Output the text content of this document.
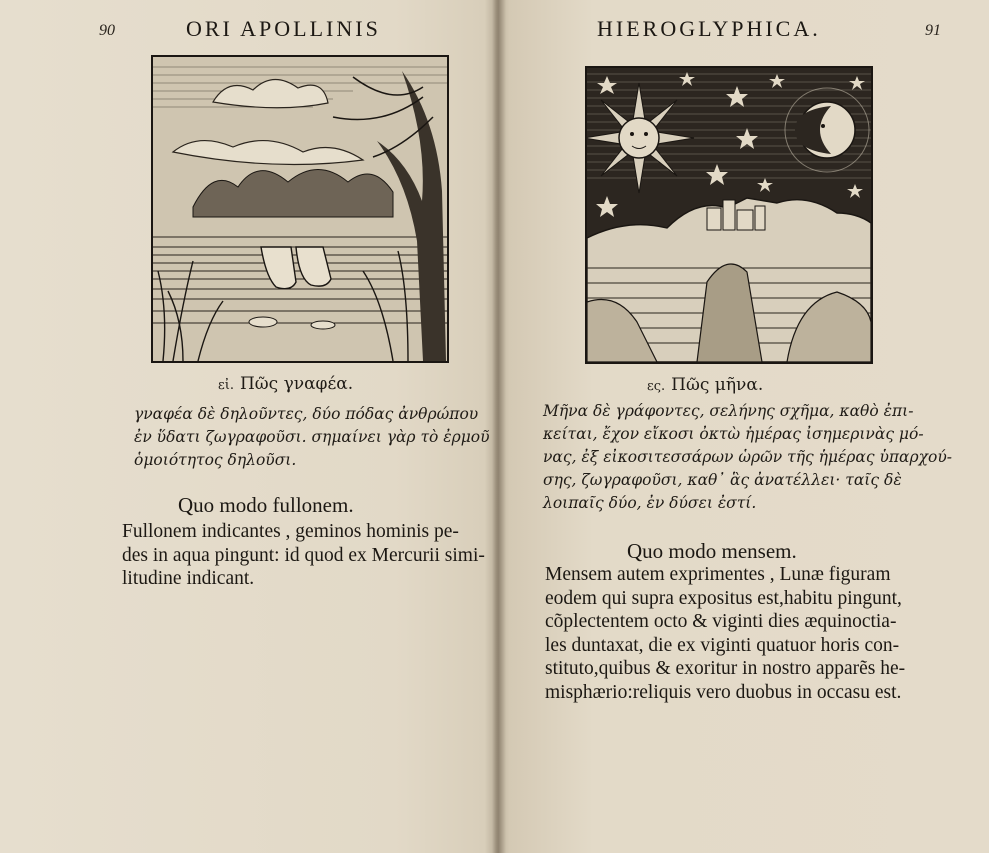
90	ORI APOLLINIS
εἰ. Πῶς γναφέα.
γναφέα δὲ δηλοῦντες, δύο πόδας ἀνθρώπου
ἐν ὕδατι ζωγραφοῦσι. σημαίνει γὰρ τὸ ἐρμοῦ
ὁμοιότητος δηλοῦσι.
Quo modo fullonem.
Fullonem indicantes , geminos hominis pe-
des in aqua pingunt: id quod ex Mercurii simi-
litudine indicant.
HIEROGLYPHICA.	91
ες. Πῶς μῆνα.
Μῆνα δὲ γράφοντες, σελήνης σχῆμα, καθὸ ἐπι-
κείται, ἔχον εἴκοσι ὀκτὼ ἡμέρας ἰσημερινὰς μό-
νας, ἐξ εἰκοσιτεσσάρων ὡρῶν τῆς ἡμέρας ὑπαρχού-
σης, ζωγραφοῦσι, καθ᾽ ἃς ἀνατέλλει· ταῖς δὲ
λοιπαῖς δύο, ἐν δύσει ἐστί.
Quo modo mensem.
Mensem autem exprimentes , Lunæ figuram
eodem qui supra expositus est,habitu pingunt,
cõplectentem octo & viginti dies æquinoctia-
les duntaxat, die ex viginti quatuor horis con-
stituto,quibus & exoritur in nostro apparẽs he-
misphærio:reliquis vero duobus in occasu est.
